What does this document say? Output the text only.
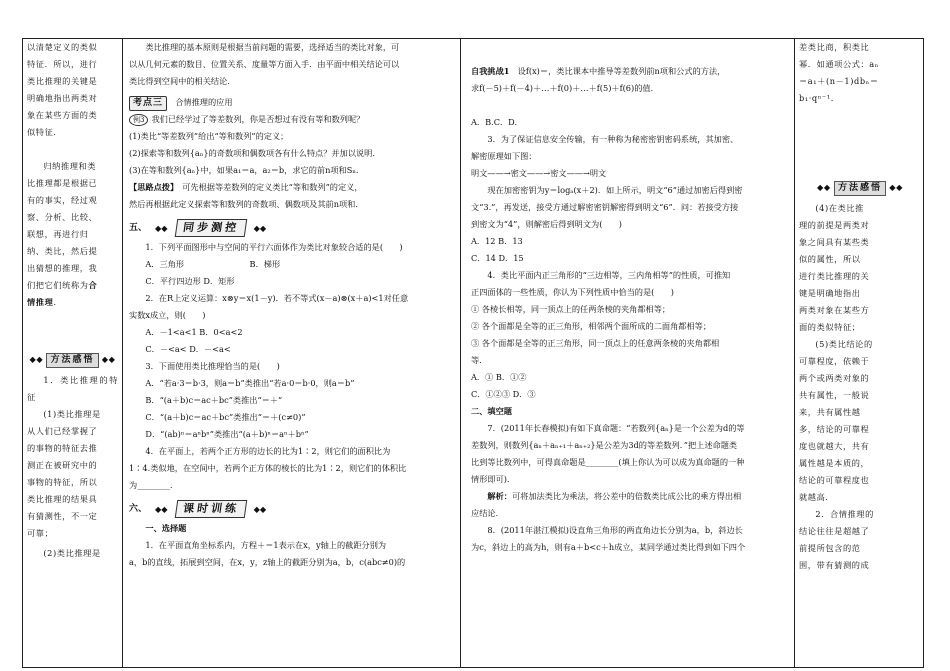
以清楚定义的类似

特征．所以，进行

类比推理的关键是

明确地指出两类对

象在某些方面的类

似特征．

归纳推理和类

比推理都是根据已

有的事实，经过观

察、分析、比较、

联想，再进行归

纳、类比，然后提

出猜想的推理，我

们把它们统称为合

情推理.

◆◆ 方法感悟 ◆◆

1．类比推理的特征

(1)类比推理是

从人们已经掌握了

的事物的特征去推

测正在被研究中的

事物的特征，所以

类比推理的结果具

有猜测性，不一定

可靠；

(2)类比推理是

类比推理的基本原则是根据当前问题的需要，选择适当的类比对象，可

以从几何元素的数目、位置关系、度量等方面入手．由平面中相关结论可以

类比得到空间中的相关结论．

考点三　 合情推理的应用

例3 我们已经学过了等差数列，你是否想过有没有等和数列呢？

(1)类比“等差数列”给出“等和数列”的定义；

(2)探索等和数列{aₙ}的奇数项和偶数项各有什么特点？并加以说明．

(3)在等和数列{aₙ}中，如果a₁＝a，a₂＝b，求它的前n项和Sₙ.

【思路点拨】　 可先根据等差数列的定义类比“等和数列”的定义，

然后再根据此定义探索等和数列的奇数项、偶数项及其前n项和．

五、 ◆◆	同步测控	◆◆

1．下列平面图形中与空间的平行六面体作为类比对象较合适的是(　　)

A．三角形　　　　　　　　B．梯形

C．平行四边形 D．矩形

2．在R上定义运算：x⊗y＝x(1－y)．若不等式(x－a)⊗(x＋a)<1对任意

实数x成立，则(　　)

A．－1<a<1 B．0<a<2

C．－<a< D．－<a<

3．下面使用类比推理恰当的是(　　)

A．“若a·3＝b·3，则a＝b”类推出“若a·0＝b·0，则a＝b”

B．“(a＋b)c＝ac＋bc”类推出“＝＋”

C．“(a＋b)c＝ac＋bc”类推出“＝＋(c≠0)”

D．“(ab)ⁿ＝aⁿbⁿ”类推出“(a＋b)ⁿ＝aⁿ＋bⁿ”

4．在平面上，若两个正方形的边长的比为1∶2，则它们的面积比为

1∶4.类似地，在空间中，若两个正方体的棱长的比为1∶2，则它们的体积比

为________．

六、 ◆◆	课时训练	◆◆

一、选择题

1．在平面直角坐标系内，方程＋＝1表示在x，y轴上的截距分别为

a，b的直线，拓展到空间，在x，y，z轴上的截距分别为a，b，c(abc≠0)的

自我挑战1　 设f(x)＝，类比课本中推导等差数列前n项和公式的方法，

求f(－5)＋f(－4)＋…＋f(0)＋…＋f(5)＋f(6)的值．

A．B.C．D.

3．为了保证信息安全传输，有一种称为秘密密钥密码系统，其加密、

解密原理如下图：

明文——→密文——→密文——→明文

现在加密密钥为y＝logₐ(x＋2)．如上所示，明文“6”通过加密后得到密

文“3.”，再发送，接受方通过解密密钥解密得到明文“6”．问：若接受方接

到密文为“4”，则解密后得到明文为(　　)

A．12 B．13

C．14 D．15

4．类比平面内正三角形的“三边相等，三内角相等”的性质，可推知

正四面体的一些性质，你认为下列性质中恰当的是(　　)

① 各棱长相等，同一顶点上的任两条棱的夹角都相等；

② 各个面都是全等的正三角形，相邻两个面所成的二面角都相等；

③ 各个面都是全等的正三角形，同一顶点上的任意两条棱的夹角都相

等．

A．① B．①②

C．①②③ D．③

二、填空题

7．(2011年长春模拟)有如下真命题：“若数列{aₙ}是一个公差为d的等

差数列，则数列{aₙ＋aₙ₊₁＋aₙ₊₂}是公差为3d的等差数列．”把上述命题类

比到等比数列中，可得真命题是________(填上你认为可以成为真命题的一种

情形即可)．

解析：可将加法类比为乘法，将公差中的倍数类比成公比的乘方得出相

应结论．

8．(2011年湛江模拟)设直角三角形的两直角边长分别为a，b，斜边长

为c，斜边上的高为h，则有a＋b<c＋h成立，某同学通过类比得到如下四个

差类比商，积类比

幂．如通项公式：aₙ

＝a₁＋(n－1)dbₙ＝

b₁·qⁿ⁻¹.

◆◆ 方法感悟 ◆◆

(4)在类比推

理的前提是两类对

象之间具有某些类

似的属性，所以

进行类比推理的关

键是明确地指出

两类对象在某些方

面的类似特征；

(5)类比结论的

可靠程度，依赖于

两个或两类对象的

共有属性，一般说

来，共有属性越

多，结论的可靠程

度也就越大，共有

属性越是本质的，

结论的可靠程度也

就越高．

2．合情推理的

结论往往是超越了

前提所包含的范

围，带有猜测的成
